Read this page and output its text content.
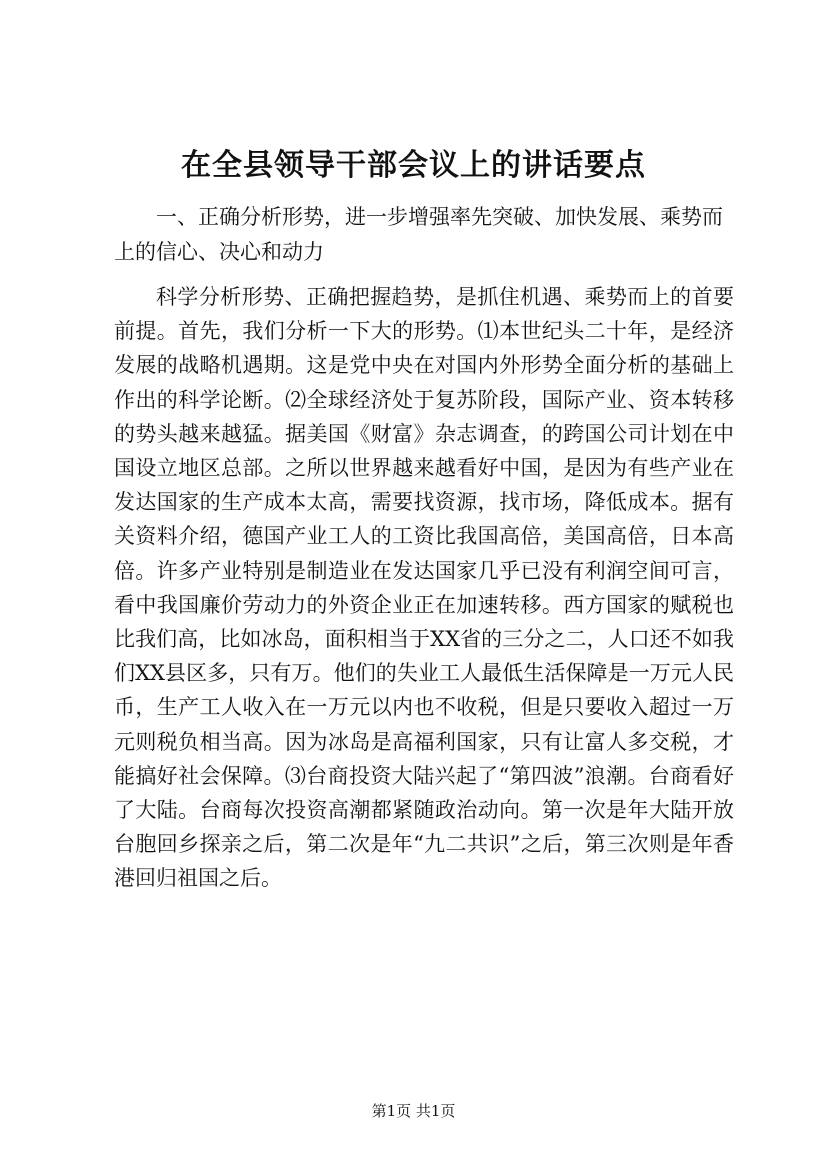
在全县领导干部会议上的讲话要点
一、正确分析形势，进一步增强率先突破、加快发展、乘势而上的信心、决心和动力
科学分析形势、正确把握趋势，是抓住机遇、乘势而上的首要前提。首先，我们分析一下大的形势。⑴本世纪头二十年，是经济发展的战略机遇期。这是党中央在对国内外形势全面分析的基础上作出的科学论断。⑵全球经济处于复苏阶段，国际产业、资本转移的势头越来越猛。据美国《财富》杂志调查，的跨国公司计划在中国设立地区总部。之所以世界越来越看好中国，是因为有些产业在发达国家的生产成本太高，需要找资源，找市场，降低成本。据有关资料介绍，德国产业工人的工资比我国高倍，美国高倍，日本高倍。许多产业特别是制造业在发达国家几乎已没有利润空间可言，看中我国廉价劳动力的外资企业正在加速转移。西方国家的赋税也比我们高，比如冰岛，面积相当于XX省的三分之二，人口还不如我们XX县区多，只有万。他们的失业工人最低生活保障是一万元人民币，生产工人收入在一万元以内也不收税，但是只要收入超过一万元则税负相当高。因为冰岛是高福利国家，只有让富人多交税，才能搞好社会保障。⑶台商投资大陆兴起了“第四波”浪潮。台商看好了大陆。台商每次投资高潮都紧随政治动向。第一次是年大陆开放台胞回乡探亲之后，第二次是年“九二共识”之后，第三次则是年香港回归祖国之后。
第1页 共1页
